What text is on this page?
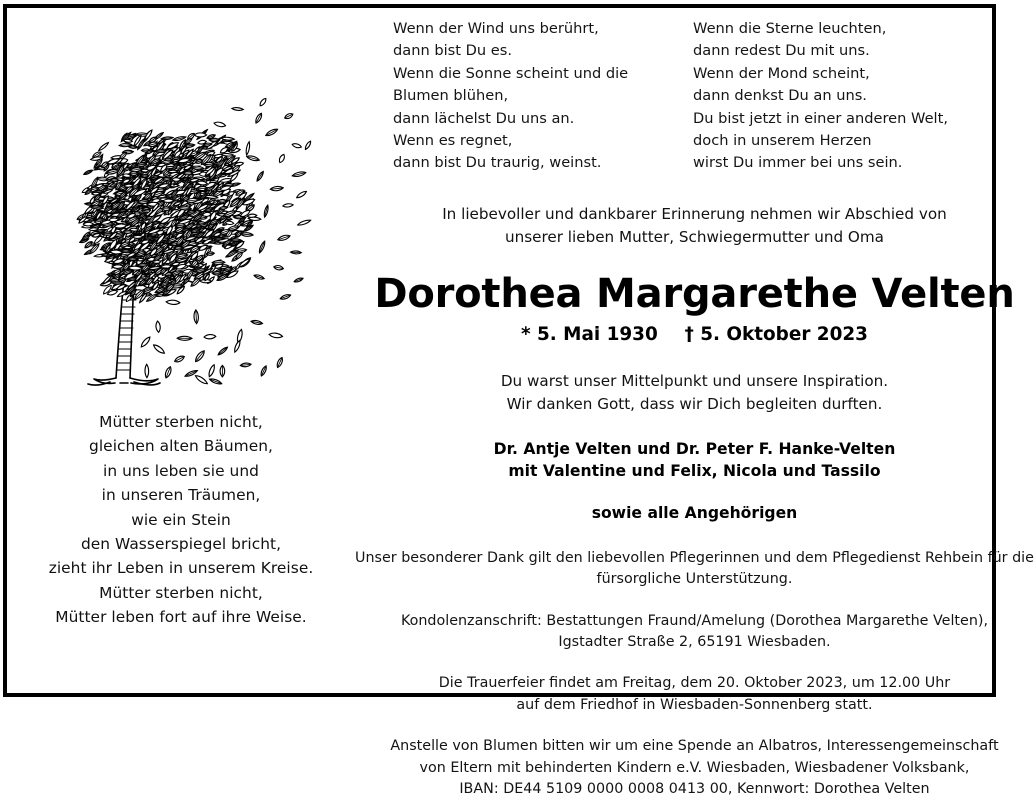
Mütter sterben nicht,
gleichen alten Bäumen,
in uns leben sie und
in unseren Träumen,
wie ein Stein
den Wasserspiegel bricht,
zieht ihr Leben in unserem Kreise.
Mütter sterben nicht,
Mütter leben fort auf ihre Weise.
Wenn der Wind uns berührt,
dann bist Du es.
Wenn die Sonne scheint und die
Blumen blühen,
dann lächelst Du uns an.
Wenn es regnet,
dann bist Du traurig, weinst.
Wenn die Sterne leuchten,
dann redest Du mit uns.
Wenn der Mond scheint,
dann denkst Du an uns.
Du bist jetzt in einer anderen Welt,
doch in unserem Herzen
wirst Du immer bei uns sein.
In liebevoller und dankbarer Erinnerung nehmen wir Abschied von
unserer lieben Mutter, Schwiegermutter und Oma
Dorothea Margarethe Velten
* 5. Mai 1930 † 5. Oktober 2023
Du warst unser Mittelpunkt und unsere Inspiration.
Wir danken Gott, dass wir Dich begleiten durften.
Dr. Antje Velten und Dr. Peter F. Hanke-Velten
mit Valentine und Felix, Nicola und Tassilo
sowie alle Angehörigen
Unser besonderer Dank gilt den liebevollen Pflegerinnen und dem Pflegedienst Rehbein für die
fürsorgliche Unterstützung.
Kondolenzanschrift: Bestattungen Fraund/Amelung (Dorothea Margarethe Velten),
Igstadter Straße 2, 65191 Wiesbaden.
Die Trauerfeier findet am Freitag, dem 20. Oktober 2023, um 12.00 Uhr
auf dem Friedhof in Wiesbaden-Sonnenberg statt.
Anstelle von Blumen bitten wir um eine Spende an Albatros, Interessengemeinschaft
von Eltern mit behinderten Kindern e.V. Wiesbaden, Wiesbadener Volksbank,
IBAN: DE44 5109 0000 0008 0413 00, Kennwort: Dorothea Velten
